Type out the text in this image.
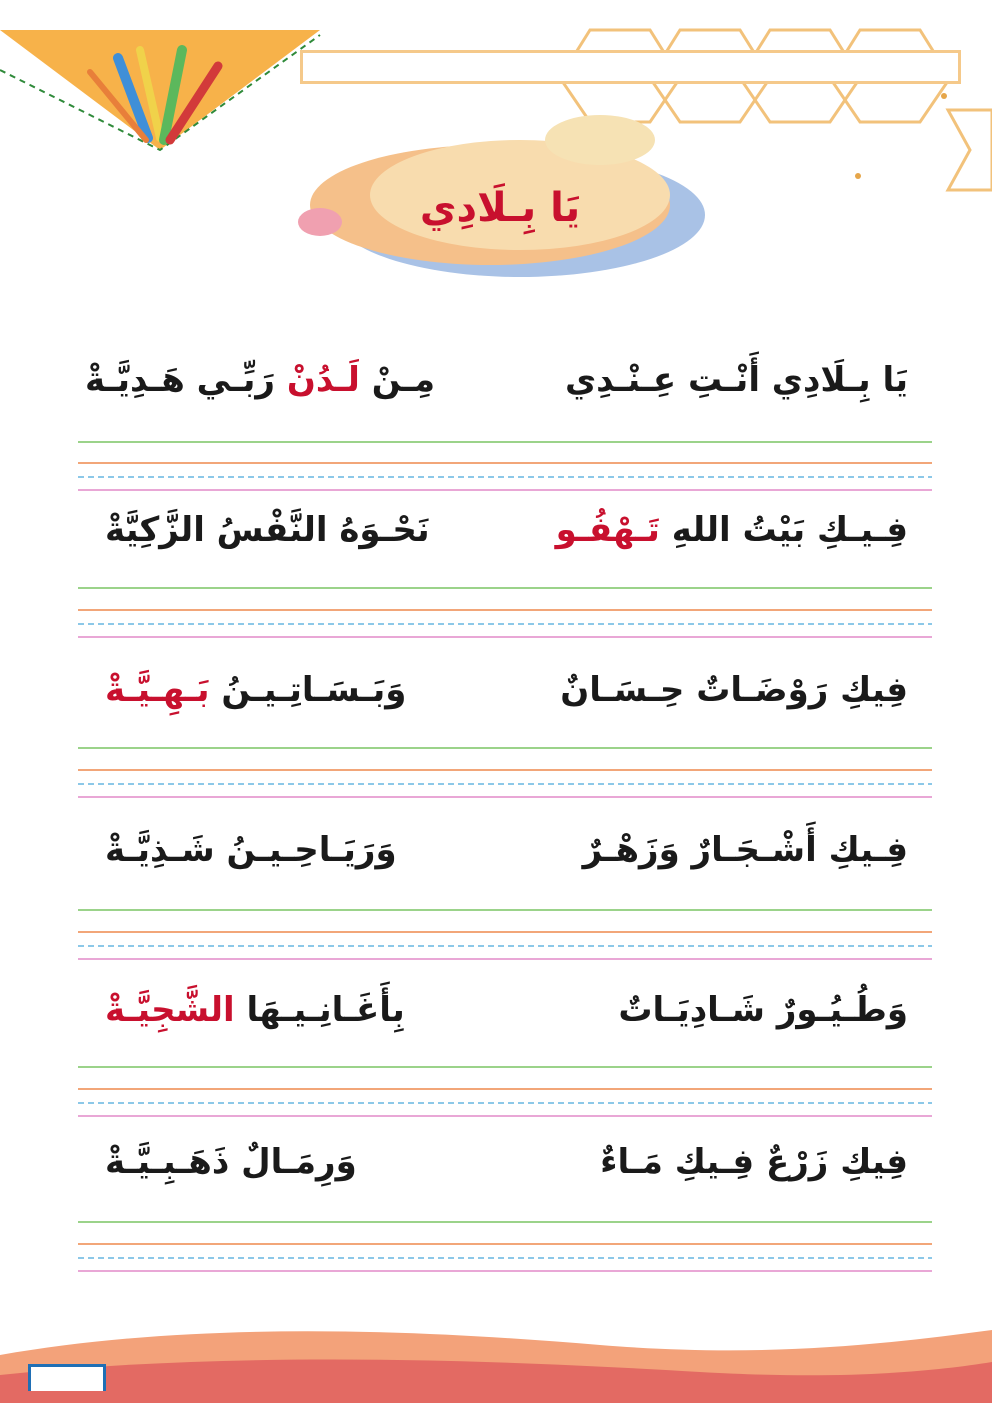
يَا بِـلَادِي
يَا بِـلَادِي أَنْـتِ عِـنْـدِي
مِـنْ لَـدُنْ رَبِّـي هَـدِيَّـةْ
فِـيـكِ بَيْتُ اللهِ تَـهْفُـو
نَحْـوَهُ النَّفْسُ الزَّكِيَّةْ
فِيكِ رَوْضَـاتٌ حِـسَـانٌ
وَبَـسَـاتِـيـنُ بَـهِـيَّـةْ
فِـيكِ أَشْـجَـارٌ وَزَهْـرٌ
وَرَيَـاحِـيـنُ شَـذِيَّـةْ
وَطُـيُـورٌ شَـادِيَـاتٌ
بِأَغَـانِـيـهَا الشَّجِيَّـةْ
فِيكِ زَرْعٌ فِـيكِ مَـاءٌ
وَرِمَـالٌ ذَهَـبِـيَّـةْ
